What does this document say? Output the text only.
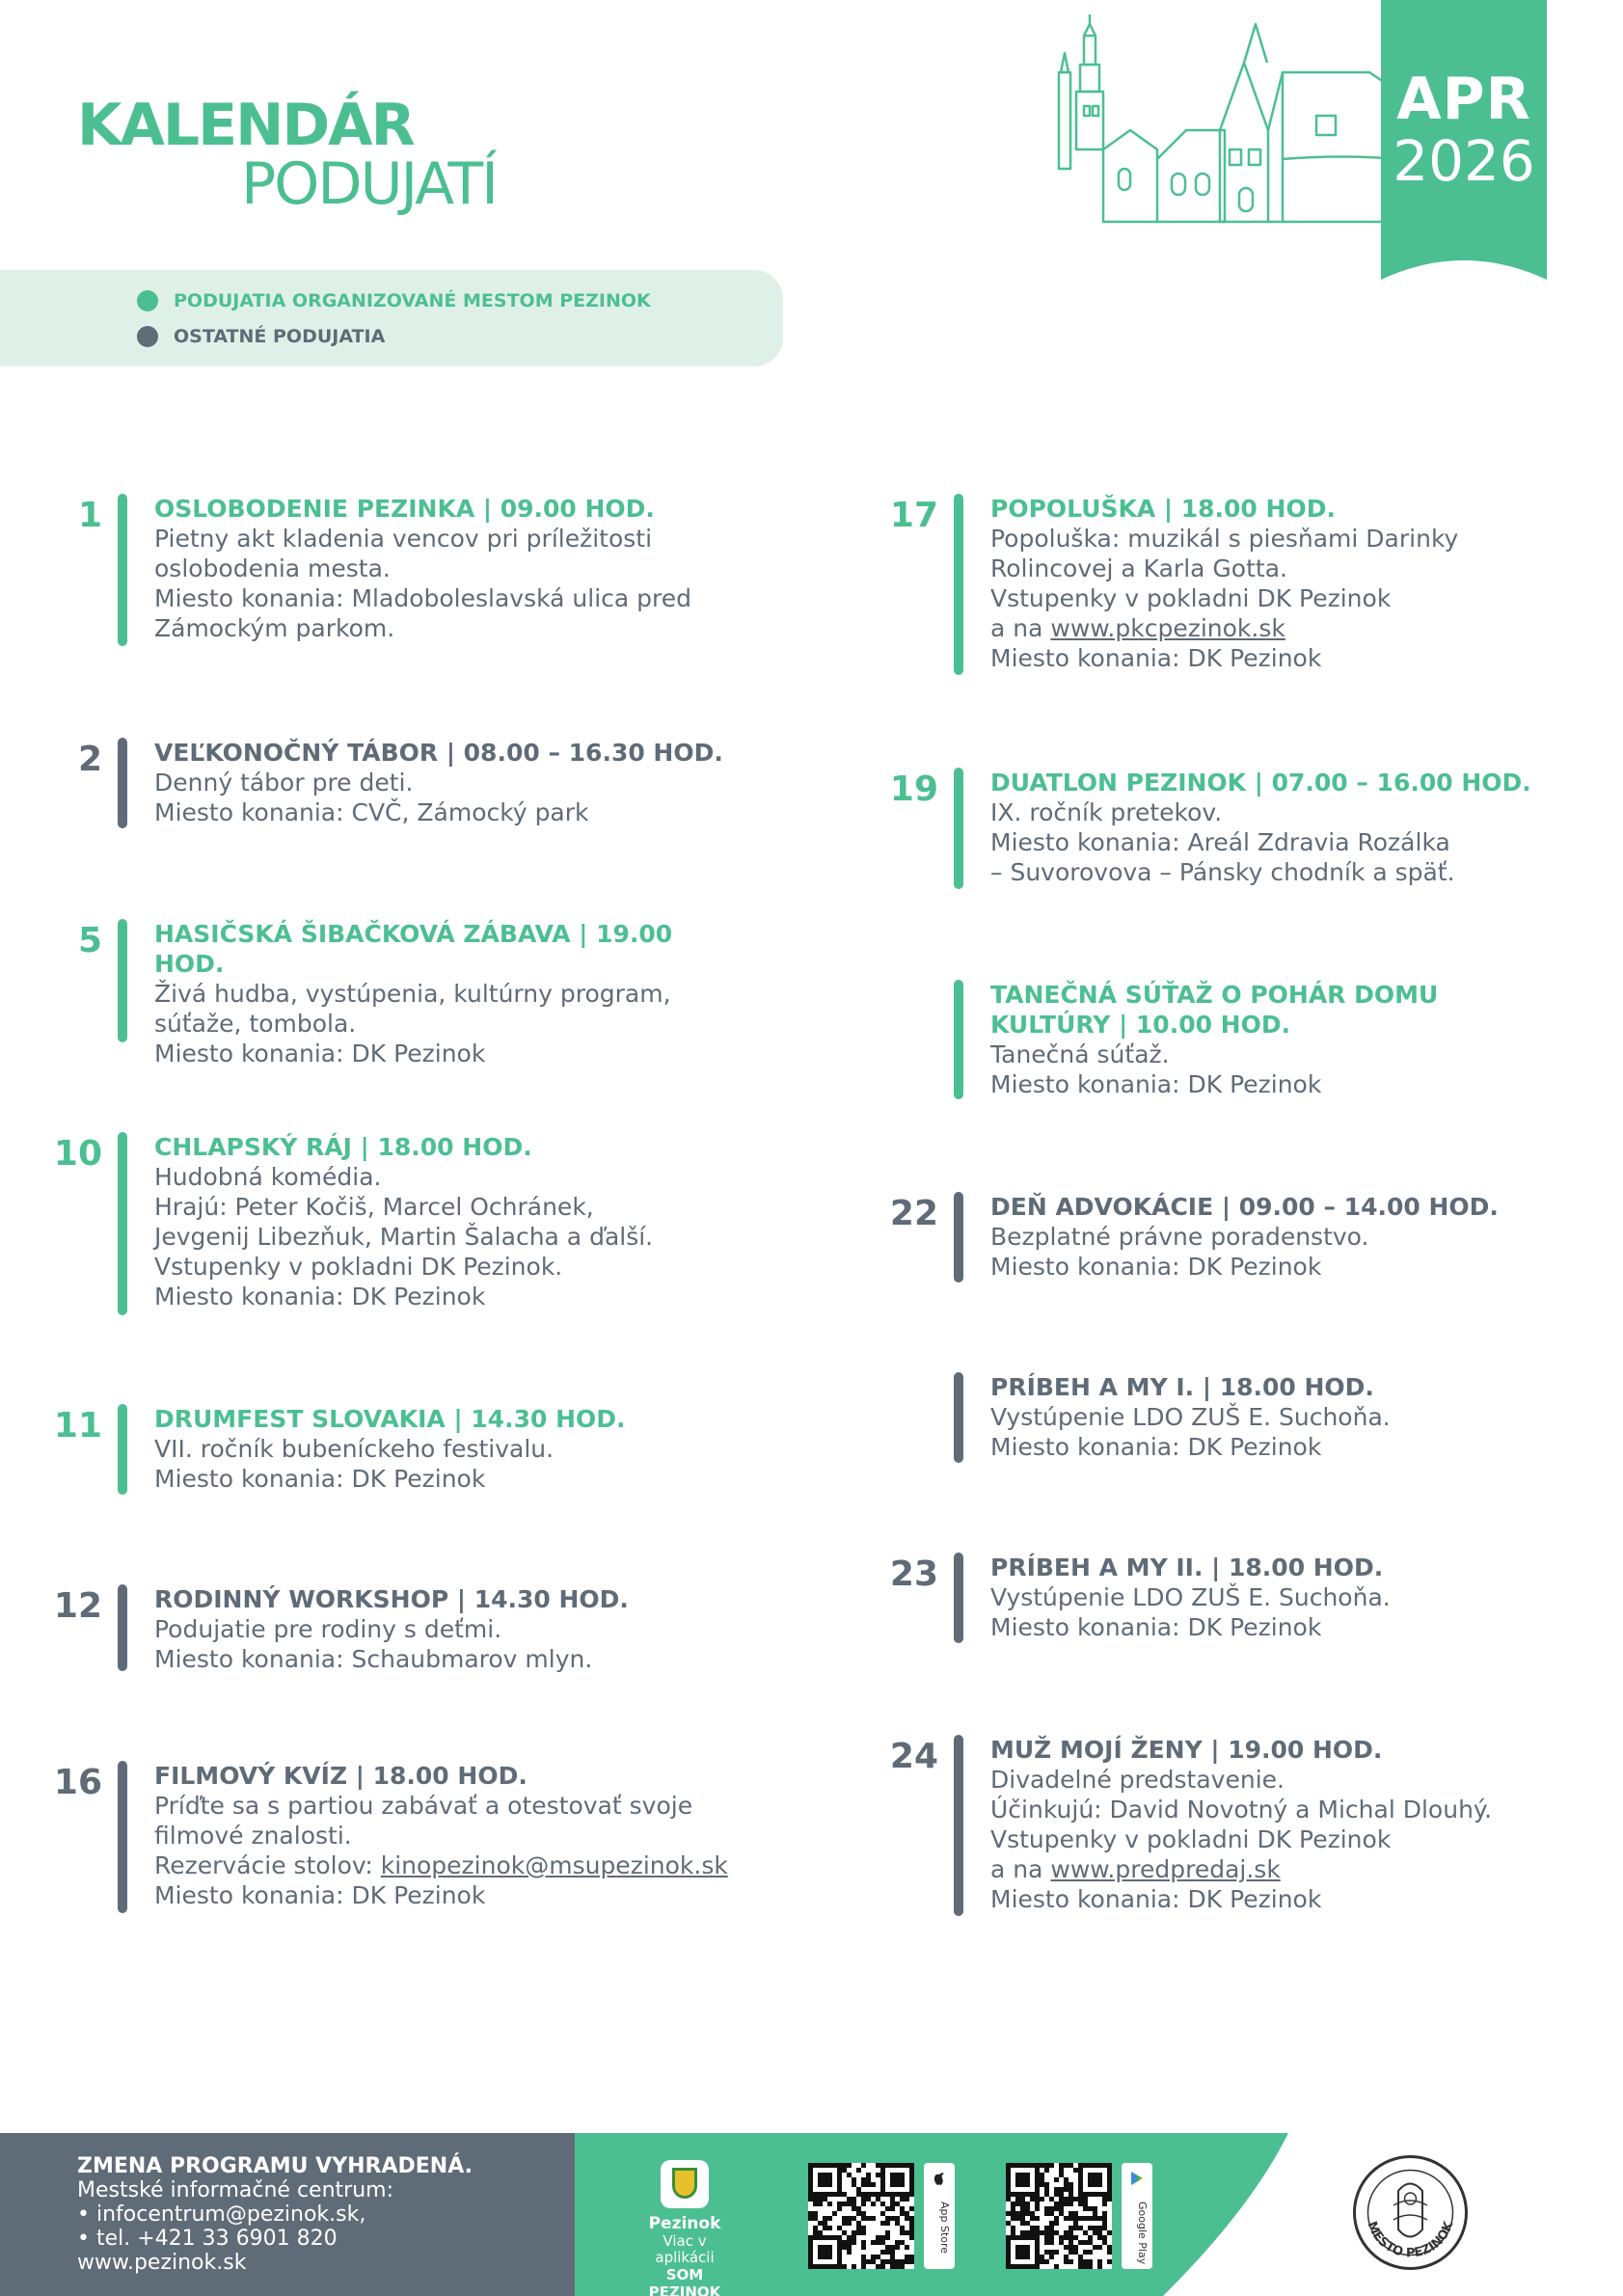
KALENDÁR
PODUJATÍ
APR
2026
PODUJATIA ORGANIZOVANÉ MESTOM PEZINOK
OSTATNÉ PODUJATIA
1 OSLOBODENIE PEZINKA | 09.00 HOD.
Pietny akt kladenia vencov pri príležitosti
oslobodenia mesta.
Miesto konania: Mladoboleslavská ulica pred
Zámockým parkom.
2 VEĽKONOČNÝ TÁBOR | 08.00 – 16.30 HOD.
Denný tábor pre deti.
Miesto konania: CVČ, Zámocký park
5 HASIČSKÁ ŠIBAČKOVÁ ZÁBAVA | 19.00 HOD.
Živá hudba, vystúpenia, kultúrny program,
súťaže, tombola.
Miesto konania: DK Pezinok
10 CHLAPSKÝ RÁJ | 18.00 HOD.
Hudobná komédia.
Hrajú: Peter Kočiš, Marcel Ochránek,
Jevgenij Libezňuk, Martin Šalacha a ďalší.
Vstupenky v pokladni DK Pezinok.
Miesto konania: DK Pezinok
11 DRUMFEST SLOVAKIA | 14.30 HOD.
VII. ročník bubeníckeho festivalu.
Miesto konania: DK Pezinok
12 RODINNÝ WORKSHOP | 14.30 HOD.
Podujatie pre rodiny s deťmi.
Miesto konania: Schaubmarov mlyn.
16 FILMOVÝ KVÍZ | 18.00 HOD.
Príďte sa s partiou zabávať a otestovať svoje
filmové znalosti.
Rezervácie stolov: kinopezinok@msupezinok.sk
Miesto konania: DK Pezinok
17 POPOLUŠKA | 18.00 HOD.
Popoluška: muzikál s piesňami Darinky
Rolincovej a Karla Gotta.
Vstupenky v pokladni DK Pezinok
a na www.pkcpezinok.sk
Miesto konania: DK Pezinok
19 DUATLON PEZINOK | 07.00 – 16.00 HOD.
IX. ročník pretekov.
Miesto konania: Areál Zdravia Rozálka
– Suvorovova – Pánsky chodník a späť.
TANEČNÁ SÚŤAŽ O POHÁR DOMU
KULTÚRY | 10.00 HOD.
Tanečná súťaž.
Miesto konania: DK Pezinok
22 DEŇ ADVOKÁCIE | 09.00 – 14.00 HOD.
Bezplatné právne poradenstvo.
Miesto konania: DK Pezinok
PRÍBEH A MY I. | 18.00 HOD.
Vystúpenie LDO ZUŠ E. Suchoňa.
Miesto konania: DK Pezinok
23 PRÍBEH A MY II. | 18.00 HOD.
Vystúpenie LDO ZUŠ E. Suchoňa.
Miesto konania: DK Pezinok
24 MUŽ MOJÍ ŽENY | 19.00 HOD.
Divadelné predstavenie.
Účinkujú: David Novotný a Michal Dlouhý.
Vstupenky v pokladni DK Pezinok
a na www.predpredaj.sk
Miesto konania: DK Pezinok
ZMENA PROGRAMU VYHRADENÁ.
Mestské informačné centrum:
• infocentrum@pezinok.sk,
• tel. +421 33 6901 820
www.pezinok.sk
Pezinok
Viac v aplikácii
SOM PEZINOK
App Store	Google Play	MESTO PEZINOK
